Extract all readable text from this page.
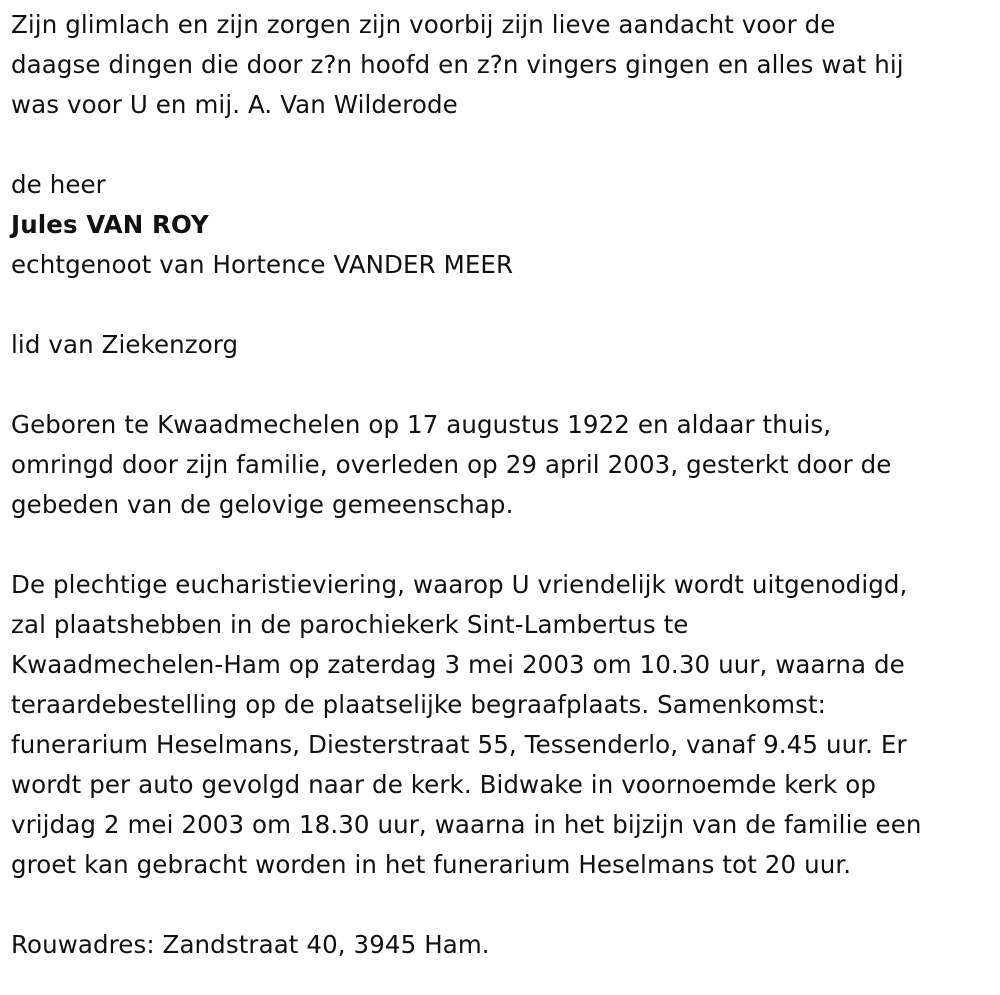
Zijn glimlach en zijn zorgen zijn voorbij zijn lieve aandacht voor de

daagse dingen die door z?n hoofd en z?n vingers gingen en alles wat hij

was voor U en mij. A. Van Wilderode

de heer

Jules VAN ROY

echtgenoot van Hortence VANDER MEER

lid van Ziekenzorg

Geboren te Kwaadmechelen op 17 augustus 1922 en aldaar thuis,

omringd door zijn familie, overleden op 29 april 2003, gesterkt door de

gebeden van de gelovige gemeenschap.

De plechtige eucharistieviering, waarop U vriendelijk wordt uitgenodigd,

zal plaatshebben in de parochiekerk Sint-Lambertus te

Kwaadmechelen-Ham op zaterdag 3 mei 2003 om 10.30 uur, waarna de

teraardebestelling op de plaatselijke begraafplaats. Samenkomst:

funerarium Heselmans, Diesterstraat 55, Tessenderlo, vanaf 9.45 uur. Er

wordt per auto gevolgd naar de kerk. Bidwake in voornoemde kerk op

vrijdag 2 mei 2003 om 18.30 uur, waarna in het bijzijn van de familie een

groet kan gebracht worden in het funerarium Heselmans tot 20 uur.

Rouwadres: Zandstraat 40, 3945 Ham.
